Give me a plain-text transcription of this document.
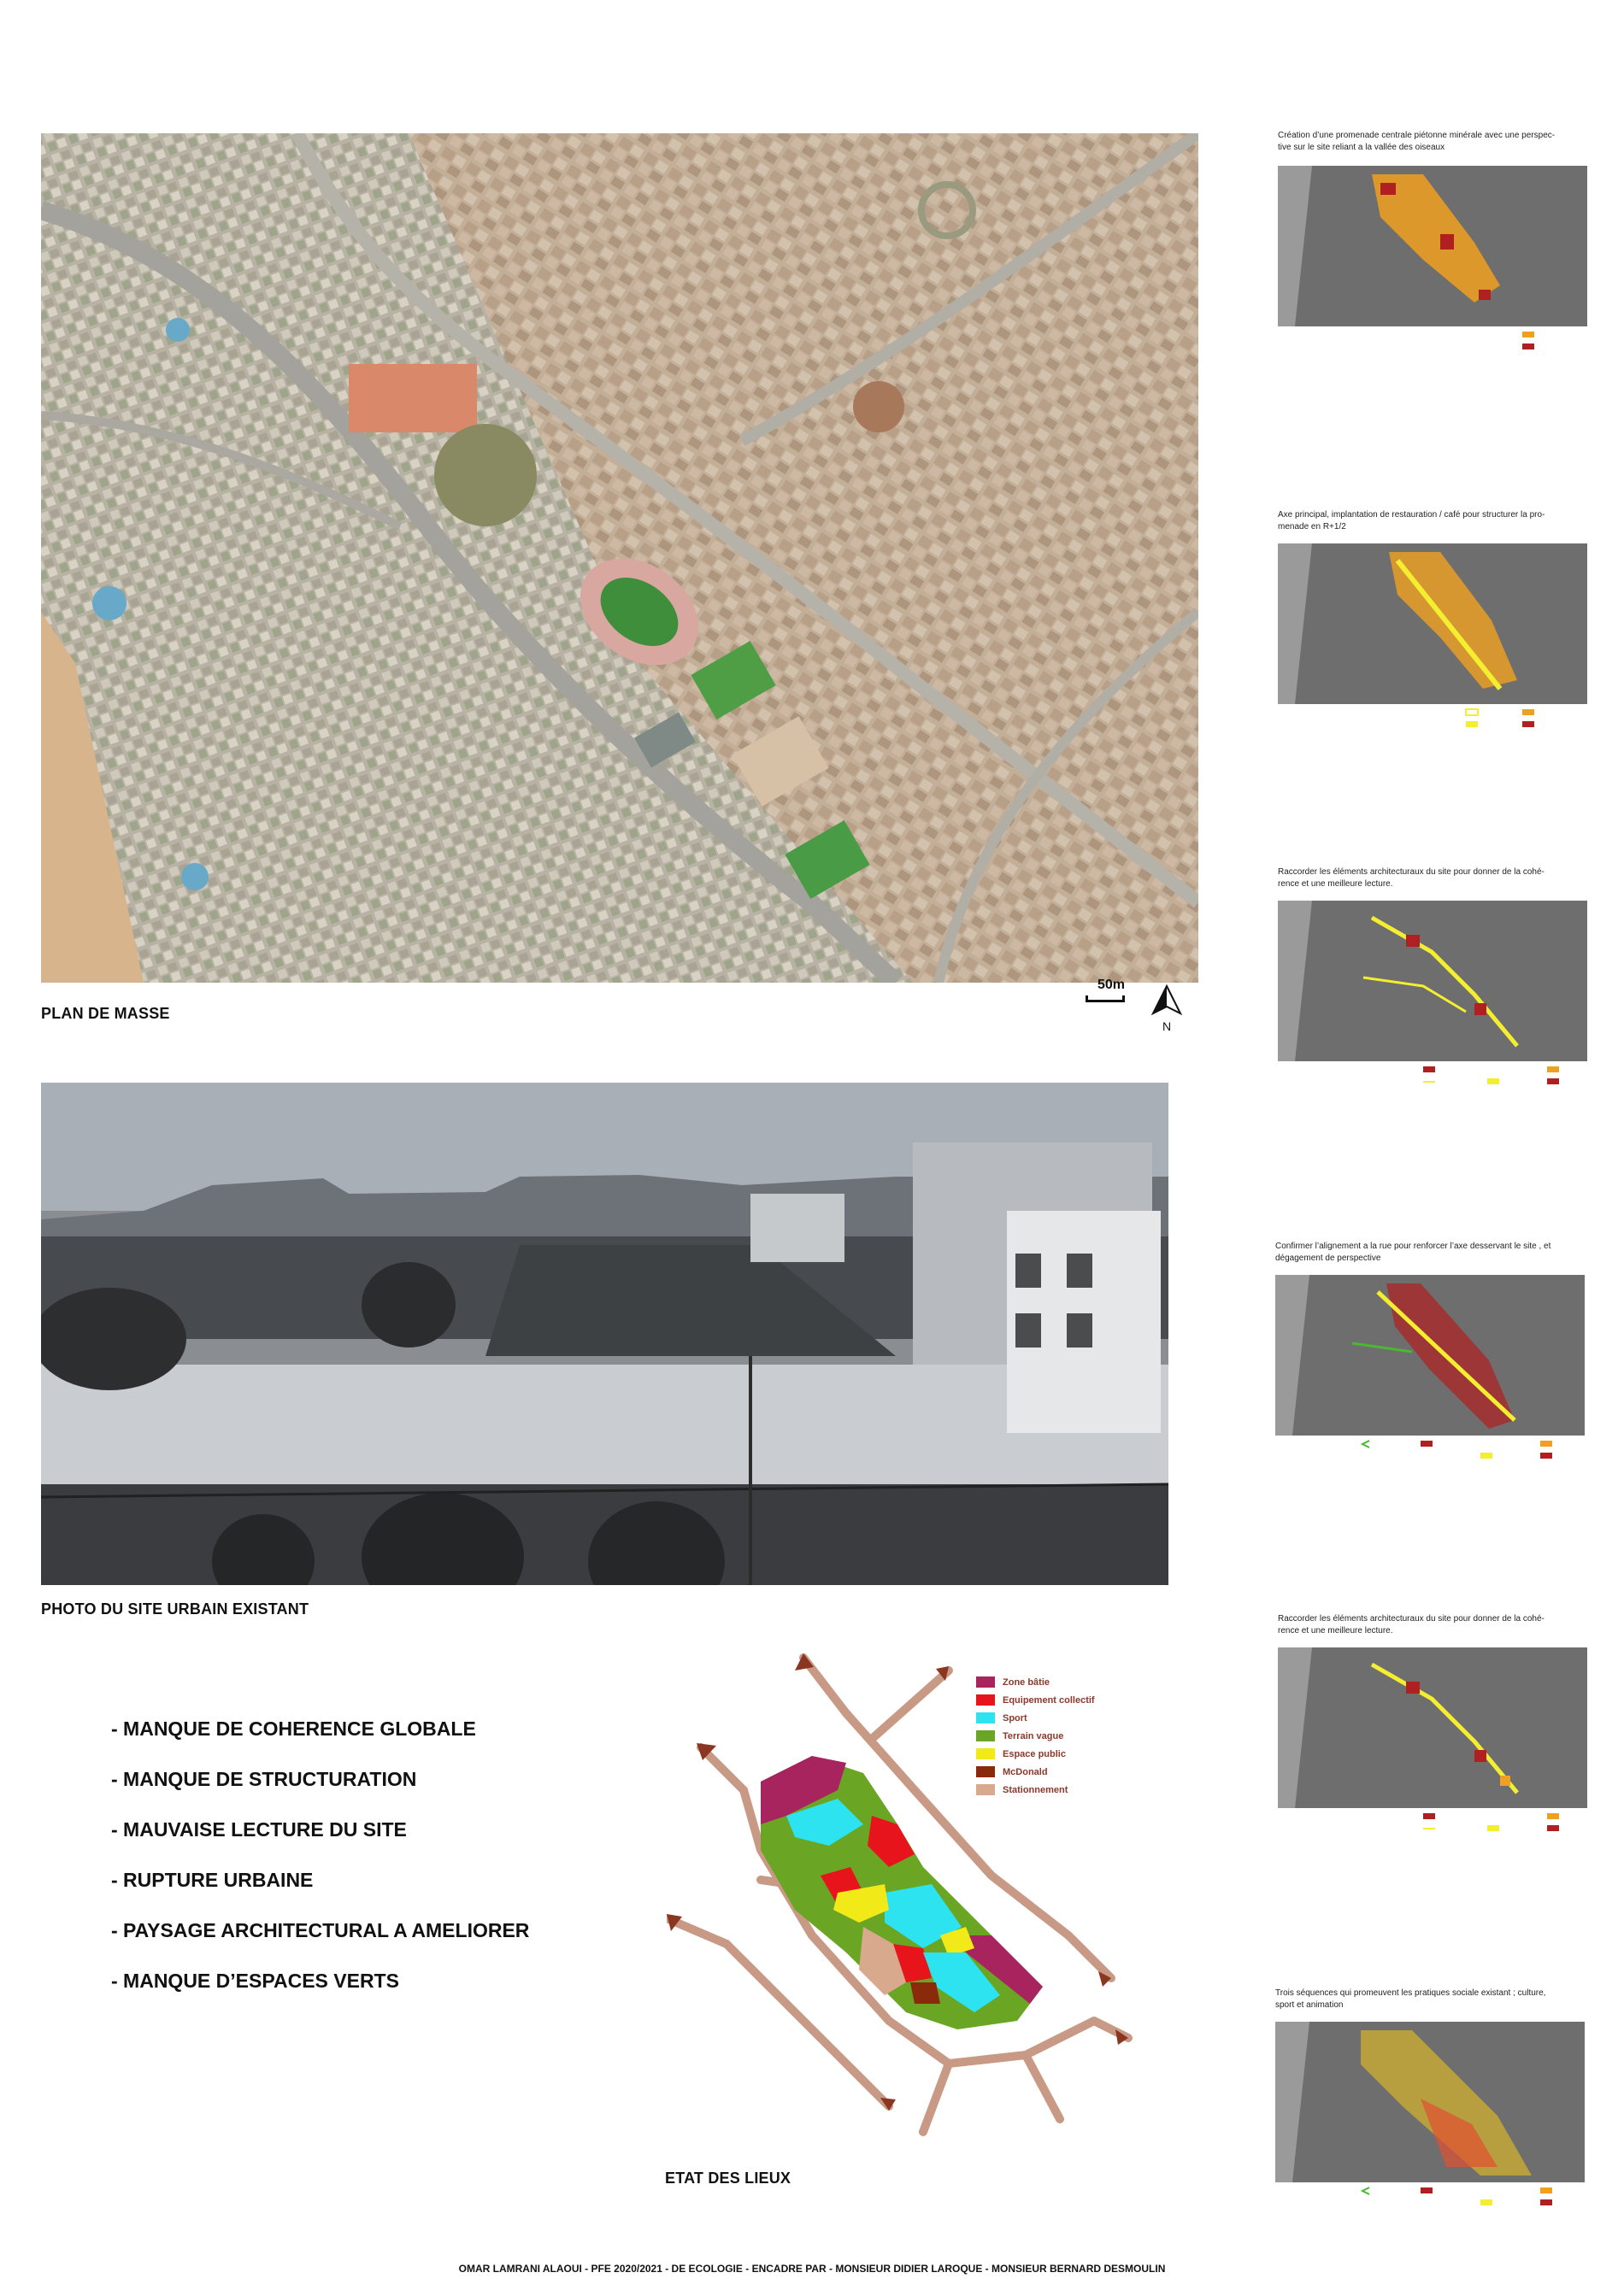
PLAN DE MASSE
50m
N
PHOTO DU SITE URBAIN EXISTANT
- MANQUE DE COHERENCE GLOBALE
- MANQUE DE STRUCTURATION
- MAUVAISE LECTURE DU SITE
- RUPTURE URBAINE
- PAYSAGE ARCHITECTURAL A AMELIORER
- MANQUE D’ESPACES VERTS
Zone bâtie
Equipement collectif
Sport
Terrain vague
Espace public
McDonald
Stationnement
ETAT DES LIEUX
Création d’une promenade centrale piétonne minérale avec une perspec-
tive sur le site reliant a la vallée des oiseaux
Axe principal, implantation de restauration / café pour structurer la pro-
menade en R+1/2
Raccorder les éléments architecturaux du site pour donner de la cohé-
rence et une meilleure lecture.
Confirmer l’alignement a la rue pour renforcer l’axe desservant le site , et
dégagement de perspective
Raccorder les éléments architecturaux du site pour donner de la cohé-
rence et une meilleure lecture.
Trois séquences qui promeuvent les pratiques sociale existant ; culture,
sport et animation
OMAR LAMRANI ALAOUI - PFE 2020/2021 - DE ECOLOGIE - ENCADRE PAR - MONSIEUR DIDIER LAROQUE - MONSIEUR BERNARD DESMOULIN
